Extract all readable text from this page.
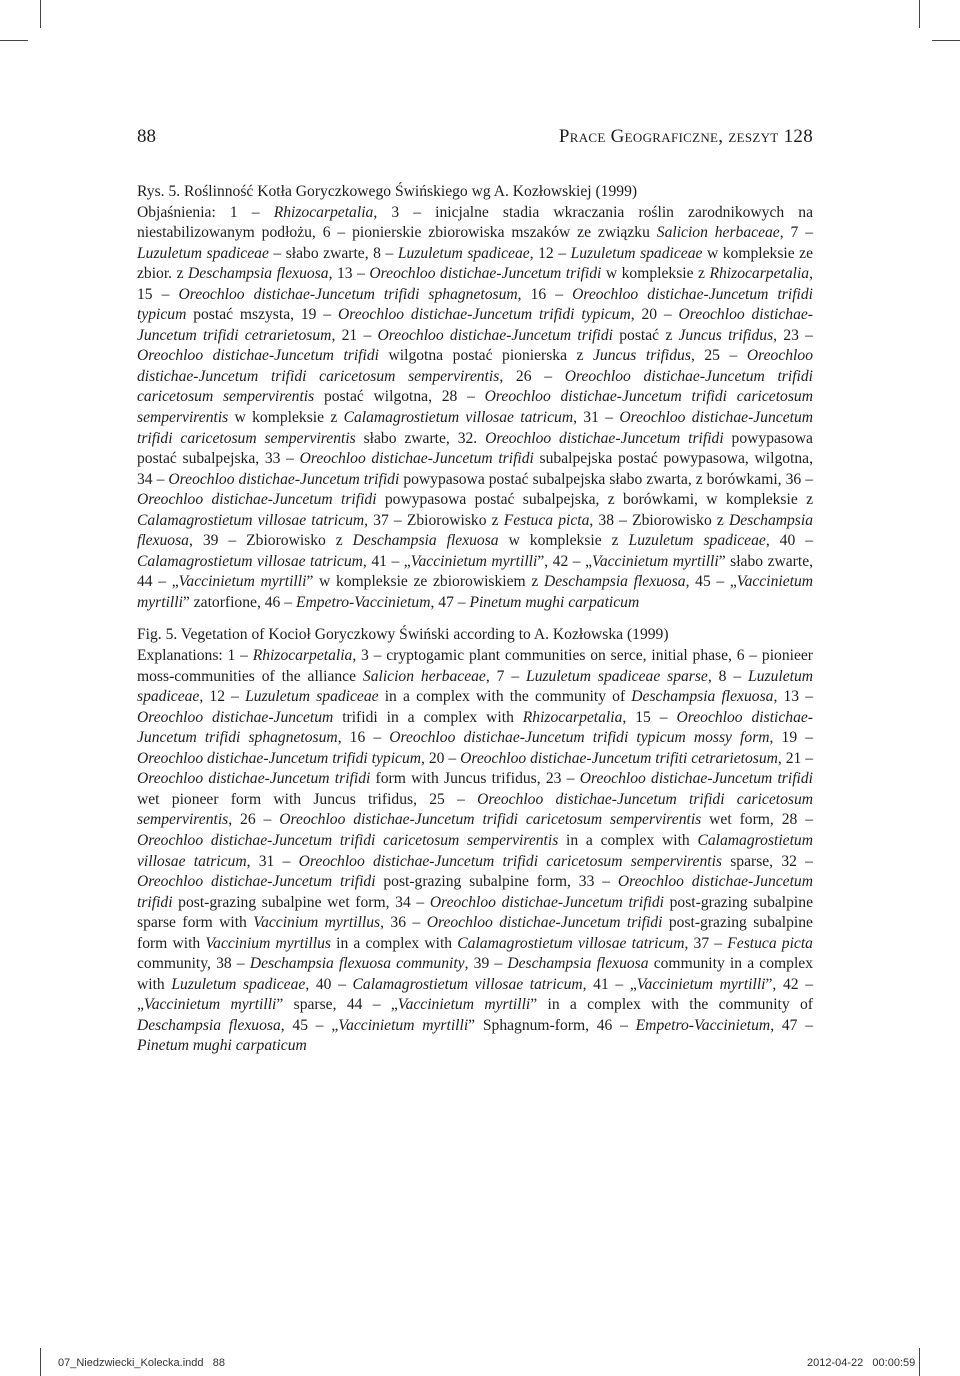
88	Prace Geograficzne, zeszyt 128

Rys. 5. Roślinność Kotła Goryczkowego Świńskiego wg A. Kozłowskiej (1999)

Objaśnienia: 1 – Rhizocarpetalia, 3 – inicjalne stadia wkraczania roślin zarodnikowych na niestabilizowanym podłożu, 6 – pionierskie zbiorowiska mszaków ze związku Salicion herbaceae, 7 – Luzuletum spadiceae – słabo zwarte, 8 – Luzuletum spadiceae, 12 – Luzuletum spadiceae w kompleksie ze zbior. z Deschampsia flexuosa, 13 – Oreochloo distichae-Juncetum trifidi w kompleksie z Rhizocarpetalia, 15 – Oreochloo distichae-Juncetum trifidi sphagnetosum, 16 – Oreochloo distichae-Juncetum trifidi typicum postać mszysta, 19 – Oreochloo distichae-Juncetum trifidi typicum, 20 – Oreochloo distichae-Juncetum trifidi cetrarietosum, 21 – Oreochloo distichae-Juncetum trifidi postać z Juncus trifidus, 23 – Oreochloo distichae-Juncetum trifidi wilgotna postać pionierska z Juncus trifidus, 25 – Oreochloo distichae-Juncetum trifidi caricetosum sempervirentis, 26 – Oreochloo distichae-Juncetum trifidi caricetosum sempervirentis postać wilgotna, 28 – Oreochloo distichae-Juncetum trifidi caricetosum sempervirentis w kompleksie z Calamagrostietum villosae tatricum, 31 – Oreochloo distichae-Juncetum trifidi caricetosum sempervirentis słabo zwarte, 32. Oreochloo distichae-Juncetum trifidi powypasowa postać subalpejska, 33 – Oreochloo distichae-Juncetum trifidi subalpejska postać powypasowa, wilgotna, 34 – Oreochloo distichae-Juncetum trifidi powypasowa postać subalpejska słabo zwarta, z borówkami, 36 – Oreochloo distichae-Juncetum trifidi powypasowa postać subalpejska, z borówkami, w kompleksie z Calamagrostietum villosae tatricum, 37 – Zbiorowisko z Festuca picta, 38 – Zbiorowisko z Deschampsia flexuosa, 39 – Zbiorowisko z Deschampsia flexuosa w kompleksie z Luzuletum spadiceae, 40 – Calamagrostietum villosae tatricum, 41 – „Vaccinietum myrtilli”, 42 – „Vaccinietum myrtilli” słabo zwarte, 44 – „Vaccinietum myrtilli” w kompleksie ze zbiorowiskiem z Deschampsia flexuosa, 45 – „Vaccinietum myrtilli” zatorfione, 46 – Empetro-Vaccinietum, 47 – Pinetum mughi carpaticum

Fig. 5. Vegetation of Kocioł Goryczkowy Świński according to A. Kozłowska (1999)

Explanations: 1 – Rhizocarpetalia, 3 – cryptogamic plant communities on serce, initial phase, 6 – pionieer moss-communities of the alliance Salicion herbaceae, 7 – Luzuletum spadiceae sparse, 8 – Luzuletum spadiceae, 12 – Luzuletum spadiceae in a complex with the community of Deschampsia flexuosa, 13 – Oreochloo distichae-Juncetum trifidi in a complex with Rhizocarpetalia, 15 – Oreochloo distichae-Juncetum trifidi sphagnetosum, 16 – Oreochloo distichae-Juncetum trifidi typicum mossy form, 19 – Oreochloo distichae-Juncetum trifidi typicum, 20 – Oreochloo distichae-Juncetum trifiti cetrarietosum, 21 – Oreochloo distichae-Juncetum trifidi form with Juncus trifidus, 23 – Oreochloo distichae-Juncetum trifidi wet pioneer form with Juncus trifidus, 25 – Oreochloo distichae-Juncetum trifidi caricetosum sempervirentis, 26 – Oreochloo distichae-Juncetum trifidi caricetosum sempervirentis wet form, 28 – Oreochloo distichae-Juncetum trifidi caricetosum sempervirentis in a complex with Calamagrostietum villosae tatricum, 31 – Oreochloo distichae-Juncetum trifidi caricetosum sempervirentis sparse, 32 – Oreochloo distichae-Juncetum trifidi post-grazing subalpine form, 33 – Oreochloo distichae-Juncetum trifidi post-grazing subalpine wet form, 34 – Oreochloo distichae-Juncetum trifidi post-grazing subalpine sparse form with Vaccinium myrtillus, 36 – Oreochloo distichae-Juncetum trifidi post-grazing subalpine form with Vaccinium myrtillus in a complex with Calamagrostietum villosae tatricum, 37 – Festuca picta community, 38 – Deschampsia flexuosa community, 39 – Deschampsia flexuosa community in a complex with Luzuletum spadiceae, 40 – Calamagrostietum villosae tatricum, 41 – „Vaccinietum myrtilli”, 42 – „Vaccinietum myrtilli” sparse, 44 – „Vaccinietum myrtilli” in a complex with the community of Deschampsia flexuosa, 45 – „Vaccinietum myrtilli” Sphagnum-form, 46 – Empetro-Vaccinietum, 47 – Pinetum mughi carpaticum

07_Niedzwiecki_Kolecka.indd   88	2012-04-22   00:00:59
